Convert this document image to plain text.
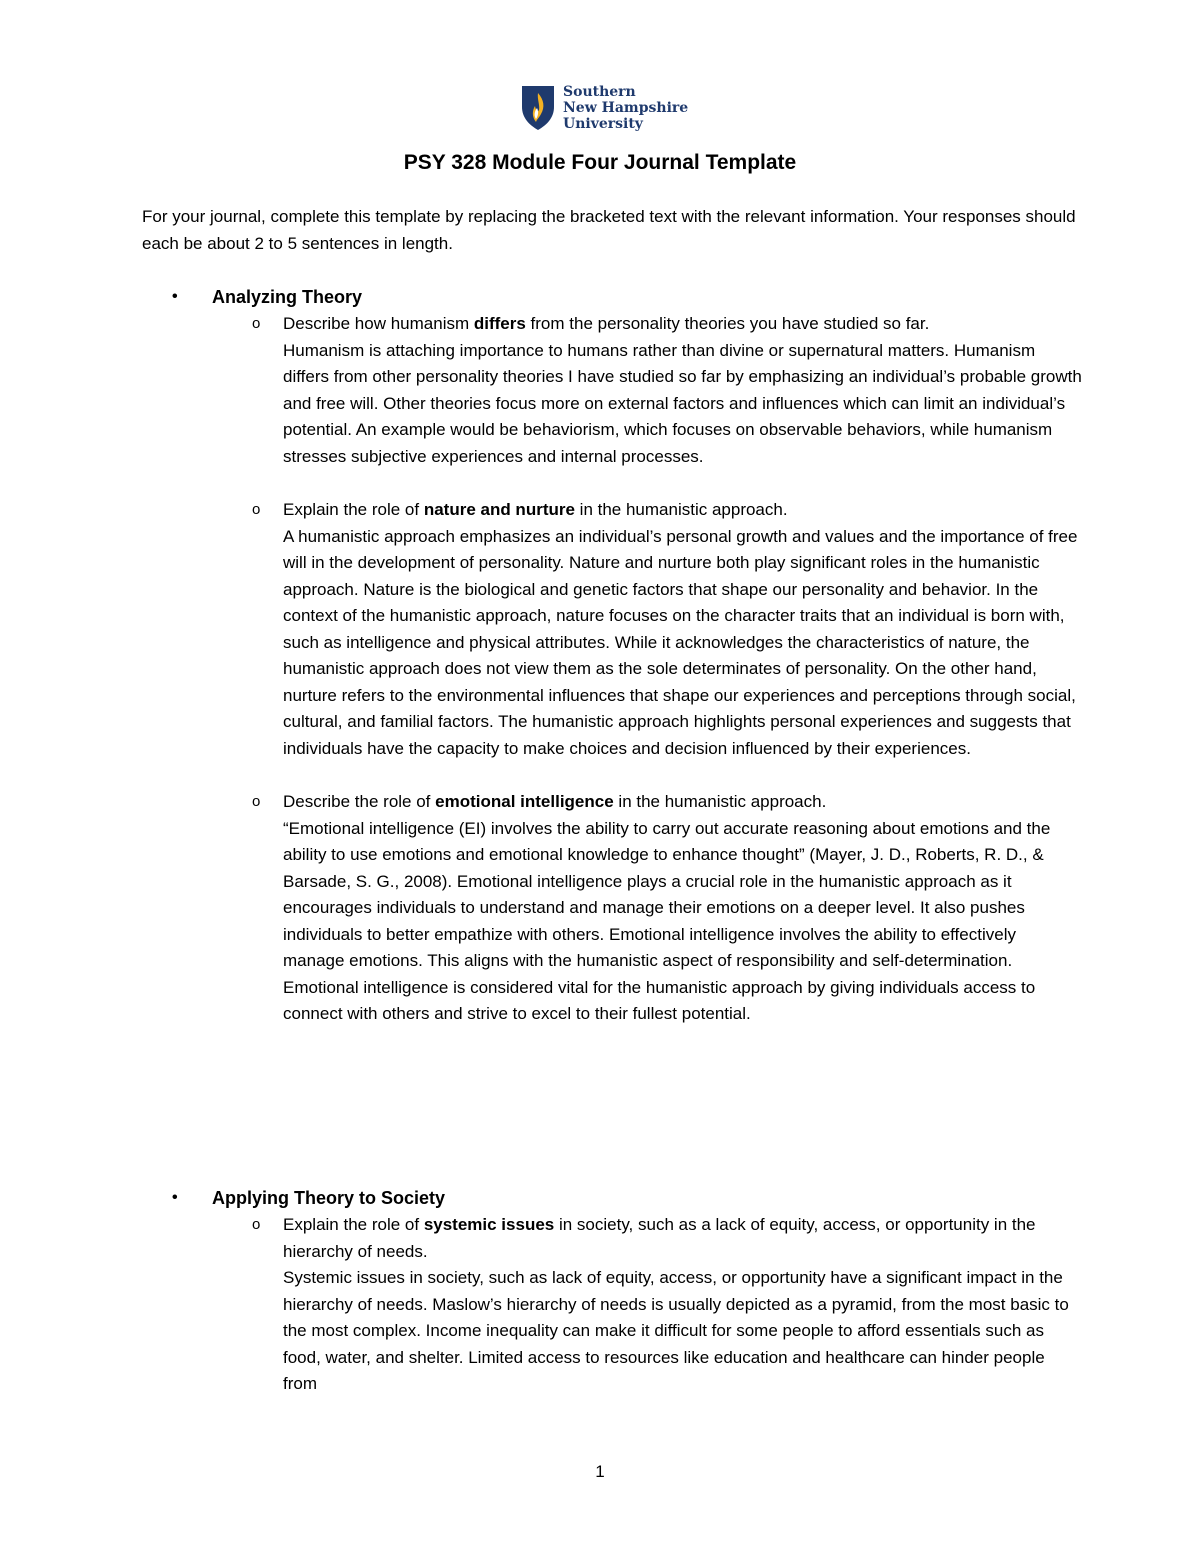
Southern
New Hampshire
University
PSY 328 Module Four Journal Template
For your journal, complete this template by replacing the bracketed text with the relevant information. Your responses should each be about 2 to 5 sentences in length.
• Analyzing Theory
o Describe how humanism differs from the personality theories you have studied so far.
Humanism is attaching importance to humans rather than divine or supernatural matters. Humanism differs from other personality theories I have studied so far by emphasizing an individual’s probable growth and free will. Other theories focus more on external factors and influences which can limit an individual’s potential. An example would be behaviorism, which focuses on observable behaviors, while humanism stresses subjective experiences and internal processes.
o Explain the role of nature and nurture in the humanistic approach.
A humanistic approach emphasizes an individual’s personal growth and values and the importance of free will in the development of personality. Nature and nurture both play significant roles in the humanistic approach. Nature is the biological and genetic factors that shape our personality and behavior. In the context of the humanistic approach, nature focuses on the character traits that an individual is born with, such as intelligence and physical attributes. While it acknowledges the characteristics of nature, the humanistic approach does not view them as the sole determinates of personality. On the other hand, nurture refers to the environmental influences that shape our experiences and perceptions through social, cultural, and familial factors. The humanistic approach highlights personal experiences and suggests that individuals have the capacity to make choices and decision influenced by their experiences.
o Describe the role of emotional intelligence in the humanistic approach.
“Emotional intelligence (EI) involves the ability to carry out accurate reasoning about emotions and the ability to use emotions and emotional knowledge to enhance thought” (Mayer, J. D., Roberts, R. D., & Barsade, S. G., 2008). Emotional intelligence plays a crucial role in the humanistic approach as it encourages individuals to understand and manage their emotions on a deeper level. It also pushes individuals to better empathize with others. Emotional intelligence involves the ability to effectively manage emotions. This aligns with the humanistic aspect of responsibility and self-determination. Emotional intelligence is considered vital for the humanistic approach by giving individuals access to connect with others and strive to excel to their fullest potential.
• Applying Theory to Society
o Explain the role of systemic issues in society, such as a lack of equity, access, or opportunity in the hierarchy of needs.
Systemic issues in society, such as lack of equity, access, or opportunity have a significant impact in the hierarchy of needs. Maslow’s hierarchy of needs is usually depicted as a pyramid, from the most basic to the most complex. Income inequality can make it difficult for some people to afford essentials such as food, water, and shelter. Limited access to resources like education and healthcare can hinder people from
1
